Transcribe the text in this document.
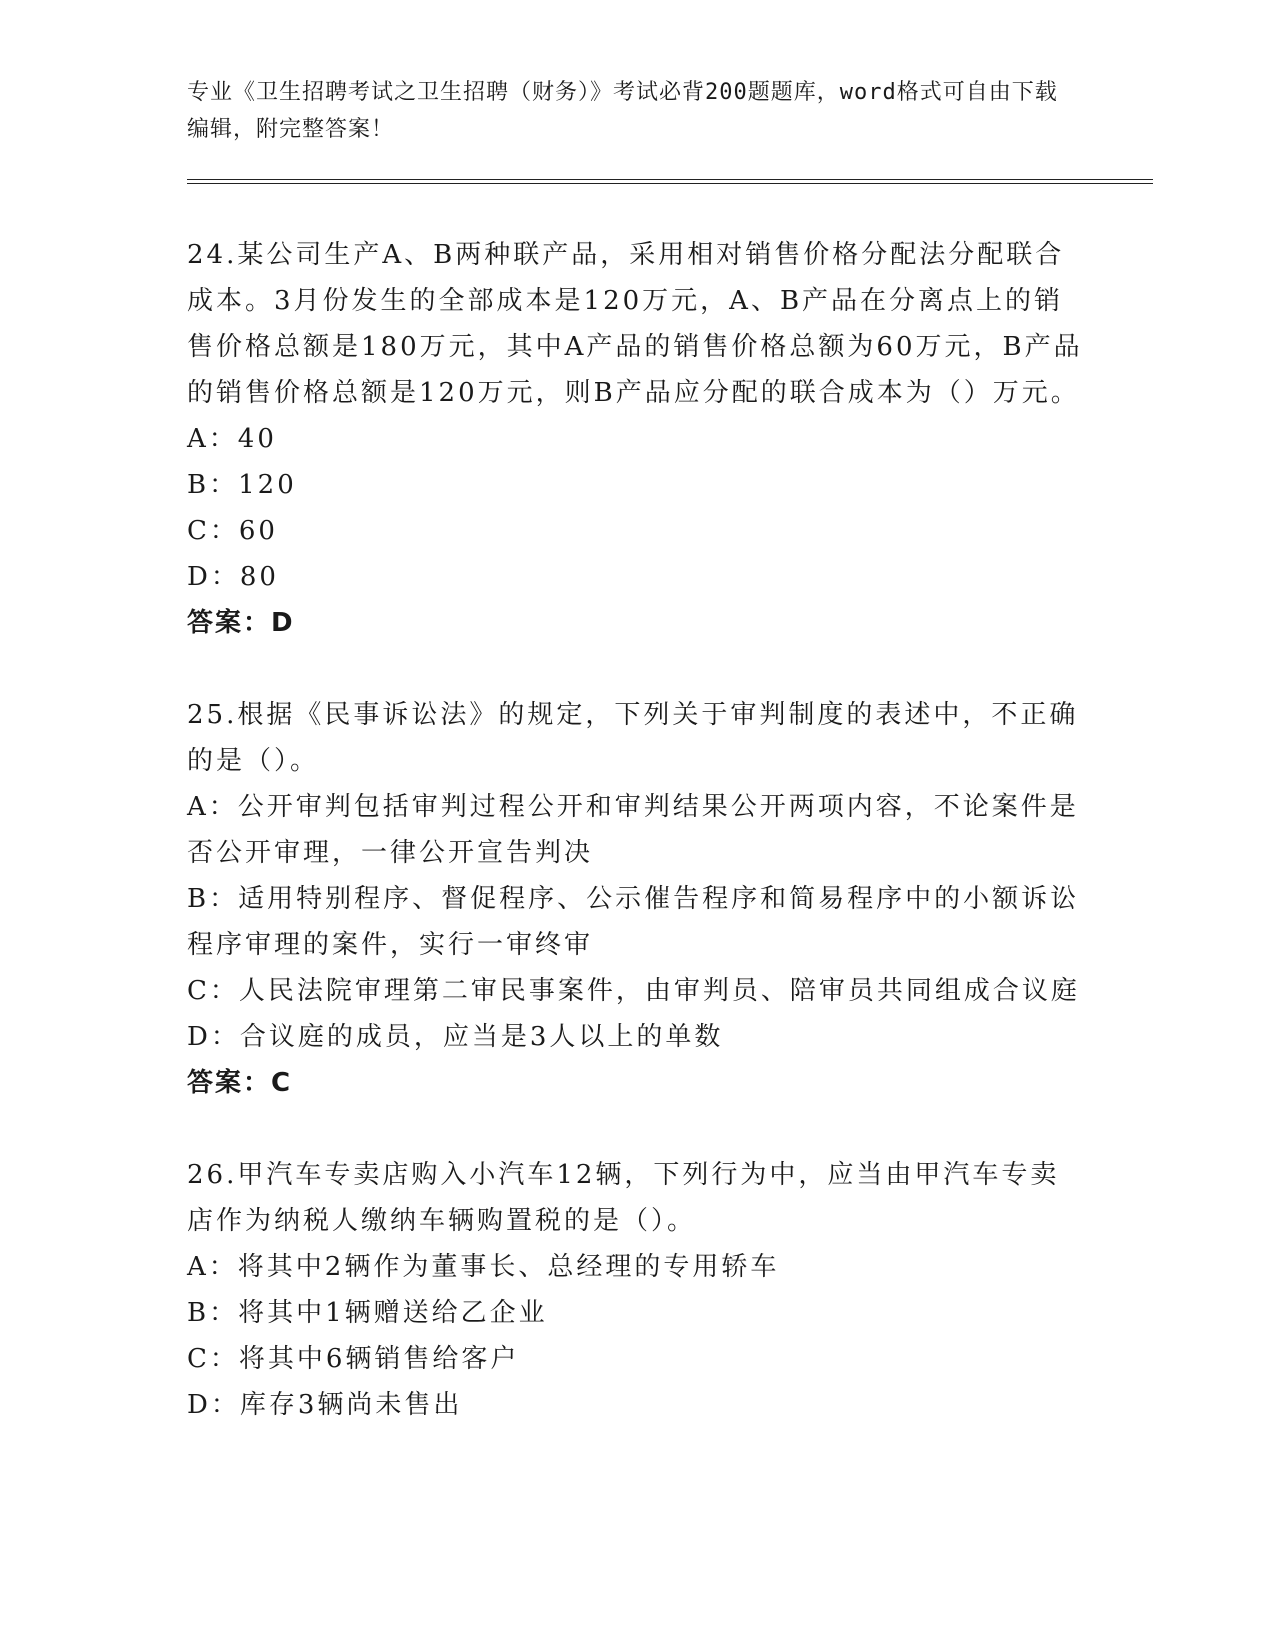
专业《卫生招聘考试之卫生招聘（财务）》考试必背200题题库，word格式可自由下载编辑，附完整答案！

24.某公司生产A、B两种联产品，采用相对销售价格分配法分配联合成本。3月份发生的全部成本是120万元，A、B产品在分离点上的销售价格总额是180万元，其中A产品的销售价格总额为60万元，B产品的销售价格总额是120万元，则B产品应分配的联合成本为（）万元。

A：40

B：120

C：60

D：80

答案：D

25.根据《民事诉讼法》的规定，下列关于审判制度的表述中，不正确的是（）。

A：公开审判包括审判过程公开和审判结果公开两项内容，不论案件是否公开审理，一律公开宣告判决

B：适用特别程序、督促程序、公示催告程序和简易程序中的小额诉讼程序审理的案件，实行一审终审

C：人民法院审理第二审民事案件，由审判员、陪审员共同组成合议庭

D：合议庭的成员，应当是3人以上的单数

答案：C

26.甲汽车专卖店购入小汽车12辆，下列行为中，应当由甲汽车专卖店作为纳税人缴纳车辆购置税的是（）。

A：将其中2辆作为董事长、总经理的专用轿车

B：将其中1辆赠送给乙企业

C：将其中6辆销售给客户

D：库存3辆尚未售出
